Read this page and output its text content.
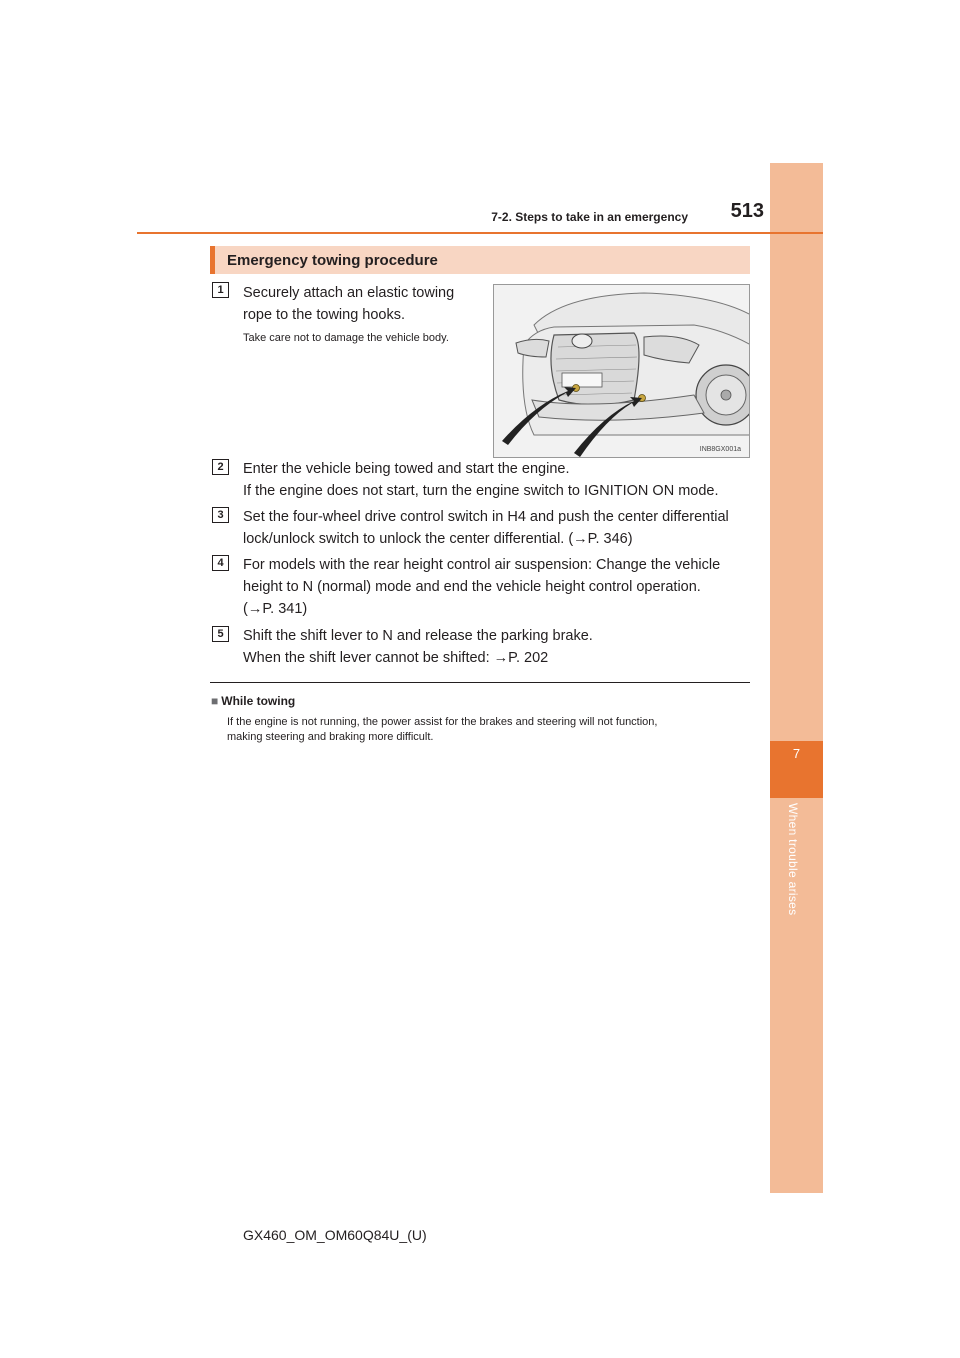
7
When trouble arises
7-2. Steps to take in an emergency	513
Emergency towing procedure
1	Securely attach an elastic towing
rope to the towing hooks.
Take care not to damage the vehicle body.
INB8GX001a
2	Enter the vehicle being towed and start the engine.
If the engine does not start, turn the engine switch to IGNITION ON mode.
3	Set the four-wheel drive control switch in H4 and push the center differential
lock/unlock switch to unlock the center differential. (→P. 346)
4	For models with the rear height control air suspension: Change the vehicle
height to N (normal) mode and end the vehicle height control operation.
(→P. 341)
5	Shift the shift lever to N and release the parking brake.
When the shift lever cannot be shifted: →P. 202
■ While towing
If the engine is not running, the power assist for the brakes and steering will not function,
making steering and braking more difficult.
GX460_OM_OM60Q84U_(U)
